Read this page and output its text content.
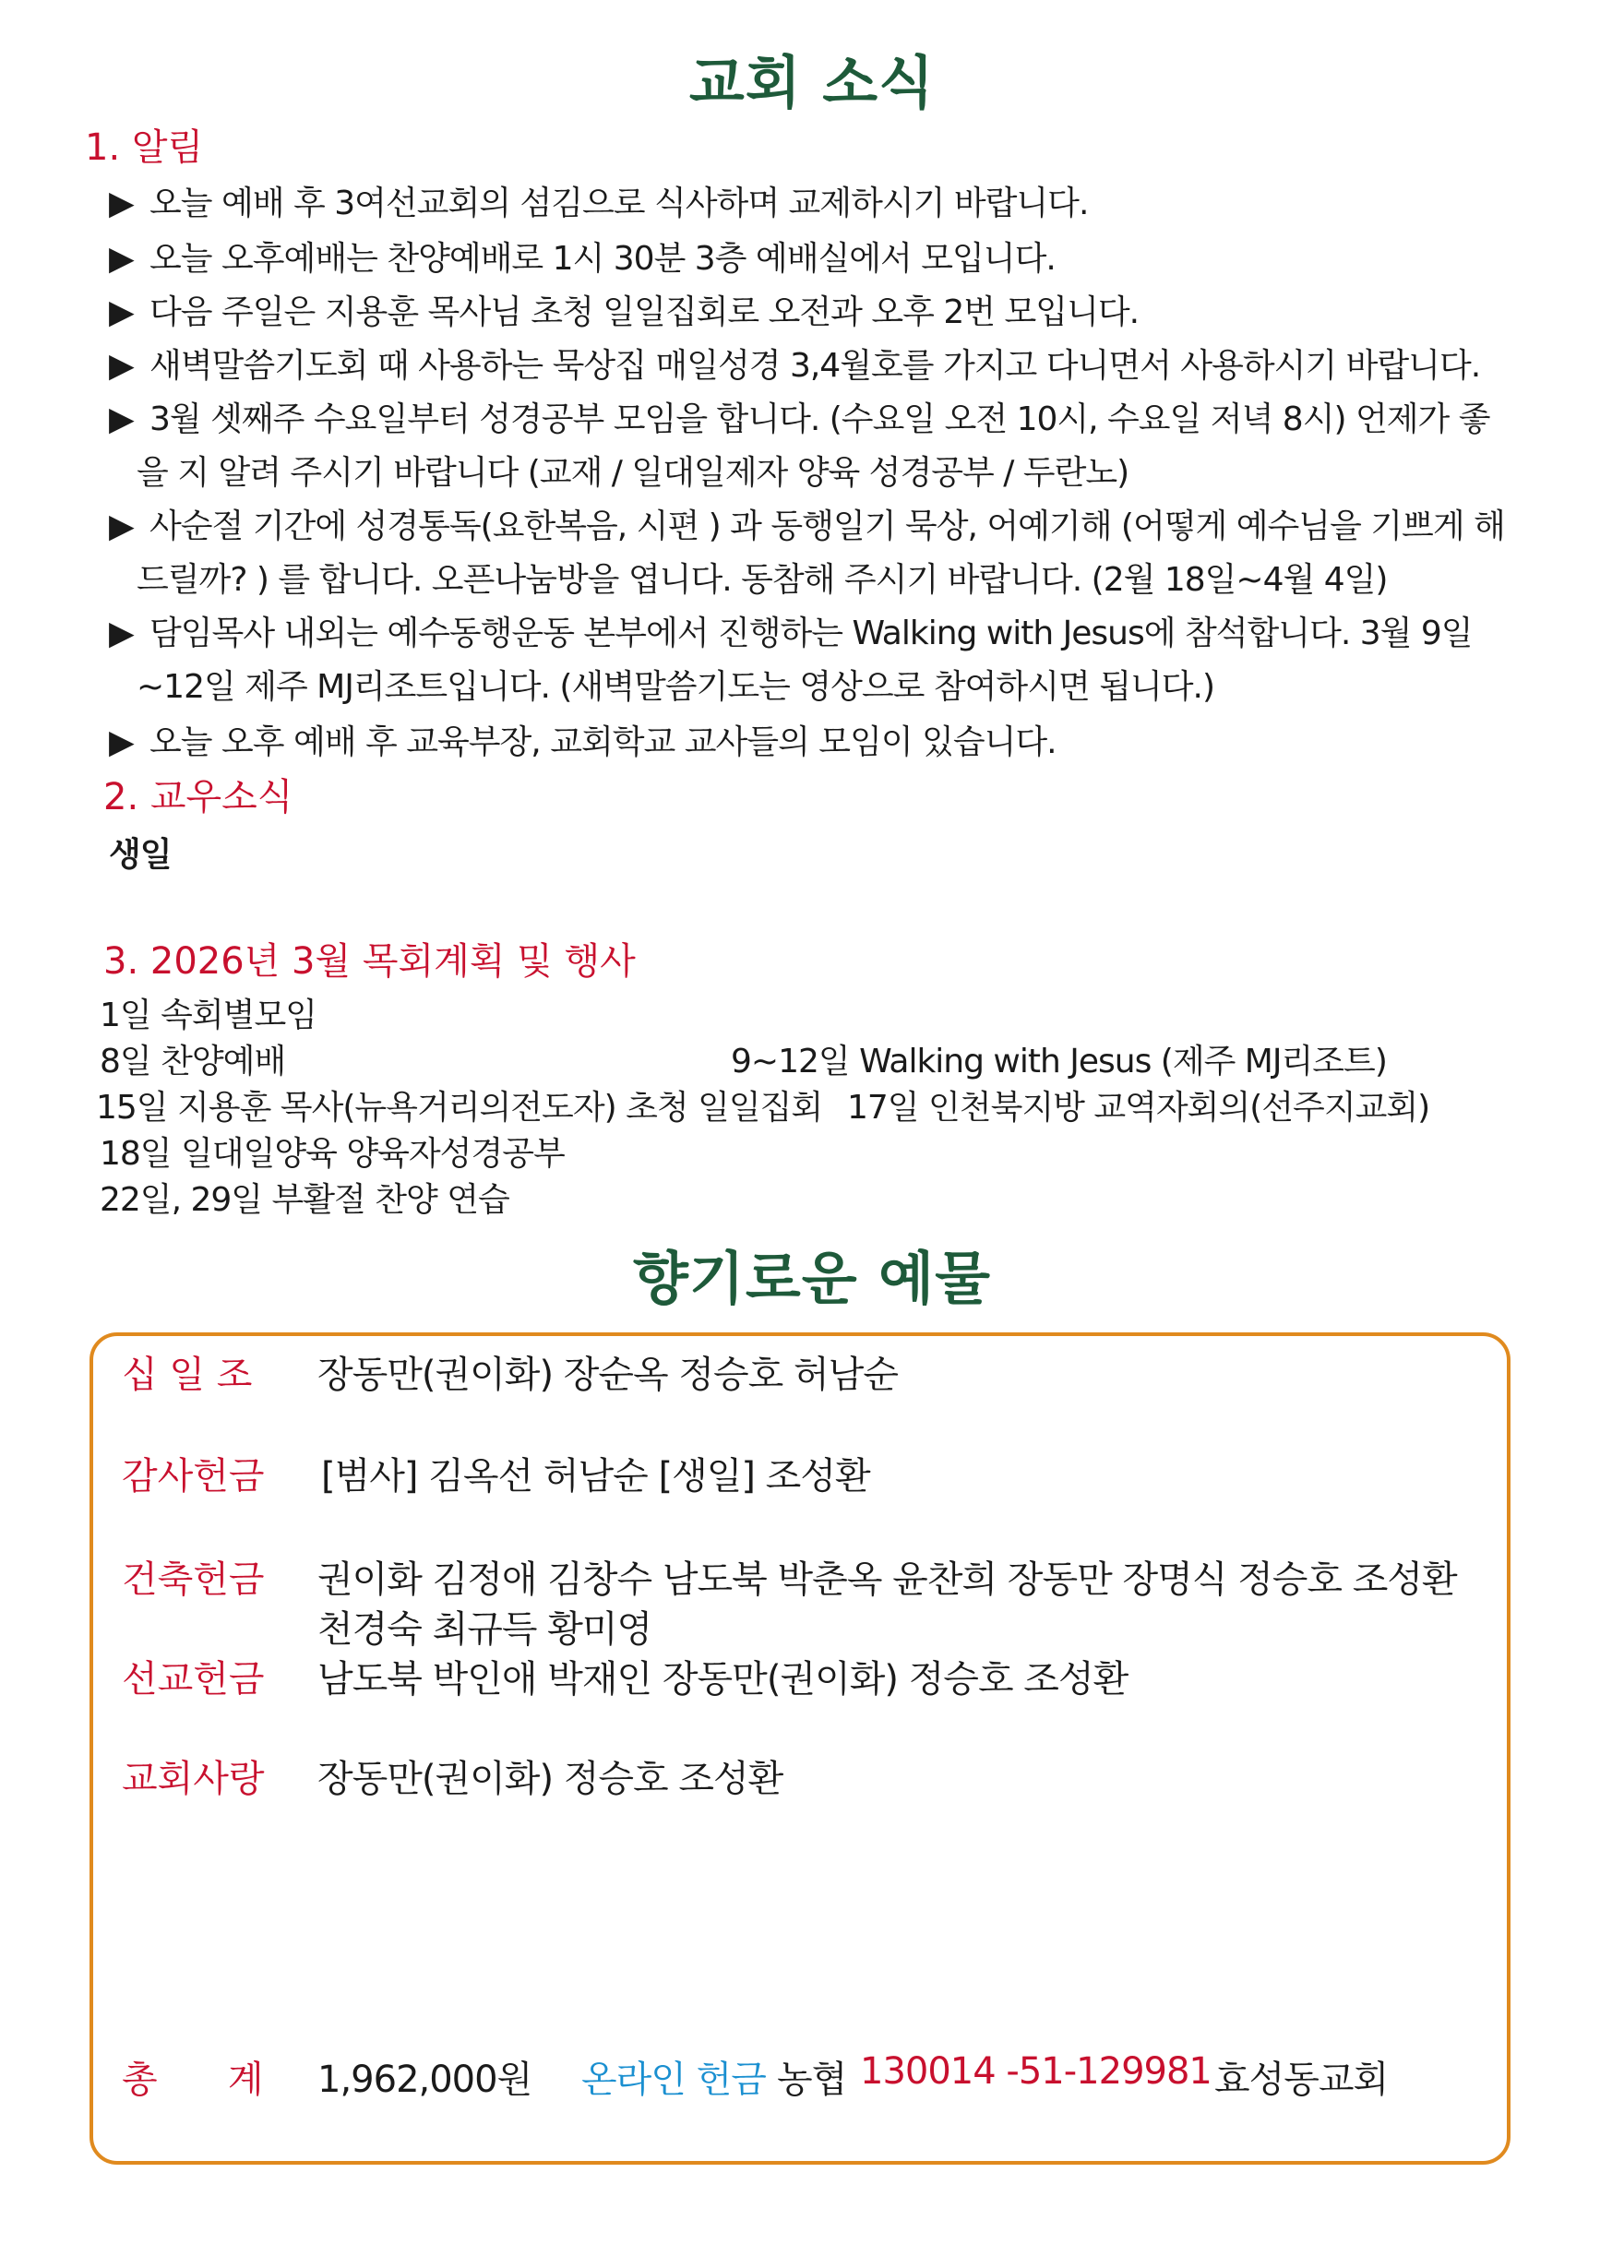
교회 소식
1. 알림
▶ 오늘 예배 후 3여선교회의 섬김으로 식사하며 교제하시기 바랍니다.
▶ 오늘 오후예배는 찬양예배로 1시 30분 3층 예배실에서 모입니다.
▶ 다음 주일은 지용훈 목사님 초청 일일집회로 오전과 오후 2번 모입니다.
▶ 새벽말씀기도회 때 사용하는 묵상집 매일성경 3,4월호를 가지고 다니면서 사용하시기 바랍니다.
▶ 3월 셋째주 수요일부터 성경공부 모임을 합니다. (수요일 오전 10시, 수요일 저녁 8시) 언제가 좋
을 지 알려 주시기 바랍니다 (교재 / 일대일제자 양육 성경공부 / 두란노)
▶ 사순절 기간에 성경통독(요한복음, 시편 ) 과 동행일기 묵상, 어예기해 (어떻게 예수님을 기쁘게 해
드릴까? ) 를 합니다. 오픈나눔방을 엽니다. 동참해 주시기 바랍니다. (2월 18일~4월 4일)
▶ 담임목사 내외는 예수동행운동 본부에서 진행하는 Walking with Jesus에 참석합니다. 3월 9일
~12일 제주 MJ리조트입니다. (새벽말씀기도는 영상으로 참여하시면 됩니다.)
▶ 오늘 오후 예배 후 교육부장, 교회학교 교사들의 모임이 있습니다.
2. 교우소식
생일
3. 2026년 3월 목회계획 및 행사
1일 속회별모임
8일 찬양예배	9~12일 Walking with Jesus (제주 MJ리조트)
15일 지용훈 목사(뉴욕거리의전도자) 초청 일일집회 17일 인천북지방 교역자회의(선주지교회)
18일 일대일양육 양육자성경공부
22일, 29일 부활절 찬양 연습
향기로운 예물
십 일 조 장동만(권이화) 장순옥 정승호 허남순
감사헌금 [범사] 김옥선 허남순 [생일] 조성환
건축헌금 권이화 김정애 김창수 남도북 박춘옥 윤찬희 장동만 장명식 정승호 조성환
천경숙 최규득 황미영
선교헌금 남도북 박인애 박재인 장동만(권이화) 정승호 조성환
교회사랑 장동만(권이화) 정승호 조성환
총      계 1,962,000원 온라인 헌금 농협 130014 -51-129981 효성동교회
